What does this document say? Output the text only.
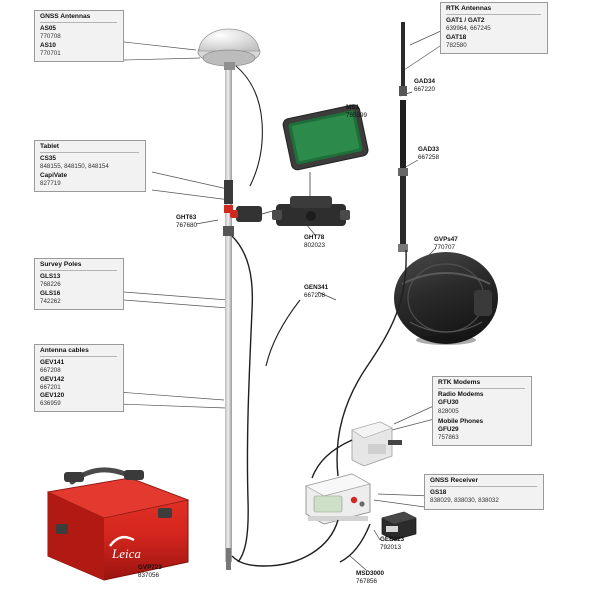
Leica
GNSS Antennas
AS05
770708
AS10
770701
Tablet
CS35
848155, 848150, 848154
CapiVate
827719
Survey Poles
GLS13
768226
GLS16
742262
Antenna cables
GEV141
667208
GEV142
667201
GEV120
636959
RTK Antennas
GAT1 / GAT2
639964, 667245
GAT18
782580
RTK Modems
Radio Modems
GFU30
828005
Mobile Phones
GFU29
757863
GNSS Receiver
GS18
838029, 838030, 838032
MS1
765399
GAD34
667220
GAD33
667258
GVPs47
770707
GEN341
667208
GHT63
767680
GHT78
802023
GEB323
792013
MSD3000
767856
GVP723
837056
